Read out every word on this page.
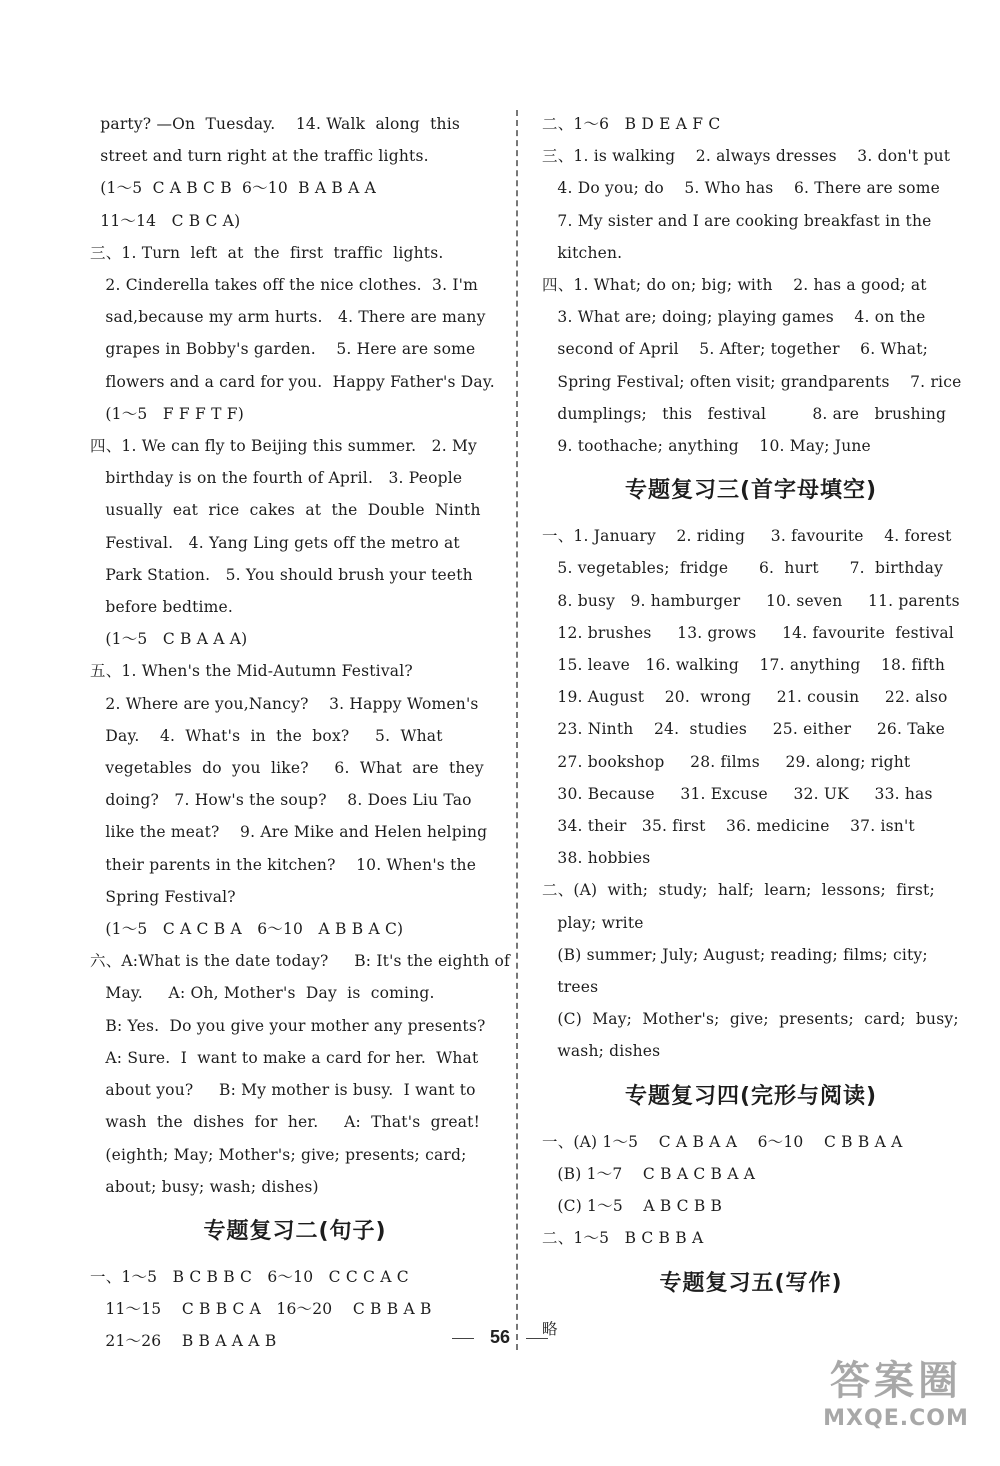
party? —On  Tuesday.    14. Walk  along  this
street and turn right at the traffic lights.
(1～5  C A B C B  6～10  B A B A A
11～14   C B C A)
三、1. Turn  left  at  the  first  traffic  lights.
2. Cinderella takes off the nice clothes.  3. I'm
sad,because my arm hurts.   4. There are many
grapes in Bobby's garden.    5. Here are some
flowers and a card for you.  Happy Father's Day.
(1～5   F F F T F)
四、1. We can fly to Beijing this summer.   2. My
birthday is on the fourth of April.   3. People
usually  eat  rice  cakes  at  the  Double  Ninth
Festival.   4. Yang Ling gets off the metro at
Park Station.   5. You should brush your teeth
before bedtime.
(1～5   C B A A A)
五、1. When's the Mid-Autumn Festival?
2. Where are you,Nancy?    3. Happy Women's
Day.    4.  What's  in  the  box?     5.  What
vegetables  do  you  like?     6.  What  are  they
doing?   7. How's the soup?    8. Does Liu Tao
like the meat?    9. Are Mike and Helen helping
their parents in the kitchen?    10. When's the
Spring Festival?
(1～5   C A C B A   6～10   A B B A C)
六、A:What is the date today?     B: It's the eighth of
May.     A: Oh, Mother's  Day  is  coming.
B: Yes.  Do you give your mother any presents?
A: Sure.  I  want to make a card for her.  What
about you?     B: My mother is busy.  I want to
wash  the  dishes  for  her.     A:  That's  great!
(eighth; May; Mother's; give; presents; card;
about; busy; wash; dishes)
专题复习二(句子)
一、1～5   B C B B C   6～10   C C C A C
11～15    C B B C A   16～20    C B B A B
21～26    B B A A A B
二、1～6   B D E A F C
三、1. is walking    2. always dresses    3. don't put
4. Do you; do    5. Who has    6. There are some
7. My sister and I are cooking breakfast in the
kitchen.
四、1. What; do on; big; with    2. has a good; at
3. What are; doing; playing games    4. on the
second of April    5. After; together    6. What;
Spring Festival; often visit; grandparents    7. rice
dumplings;   this   festival         8. are   brushing
9. toothache; anything    10. May; June
专题复习三(首字母填空)
一、1. January    2. riding     3. favourite    4. forest
5. vegetables;  fridge      6.  hurt      7.  birthday
8. busy   9. hamburger     10. seven     11. parents
12. brushes     13. grows     14. favourite  festival
15. leave   16. walking    17. anything    18. fifth
19. August    20.  wrong     21. cousin     22. also
23. Ninth    24.  studies     25. either     26. Take
27. bookshop     28. films     29. along; right
30. Because     31. Excuse     32. UK     33. has
34. their   35. first    36. medicine    37. isn't
38. hobbies
二、(A)  with;  study;  half;  learn;  lessons;  first;
play; write
(B) summer; July; August; reading; films; city;
trees
(C)  May;  Mother's;  give;  presents;  card;  busy;
wash; dishes
专题复习四(完形与阅读)
一、(A) 1～5    C A B A A    6～10    C B B A A
(B) 1～7    C B A C B A A
(C) 1～5    A B C B B
二、1～5   B C B B A
专题复习五(写作)
略
56
答案圈
MXQE.COM
